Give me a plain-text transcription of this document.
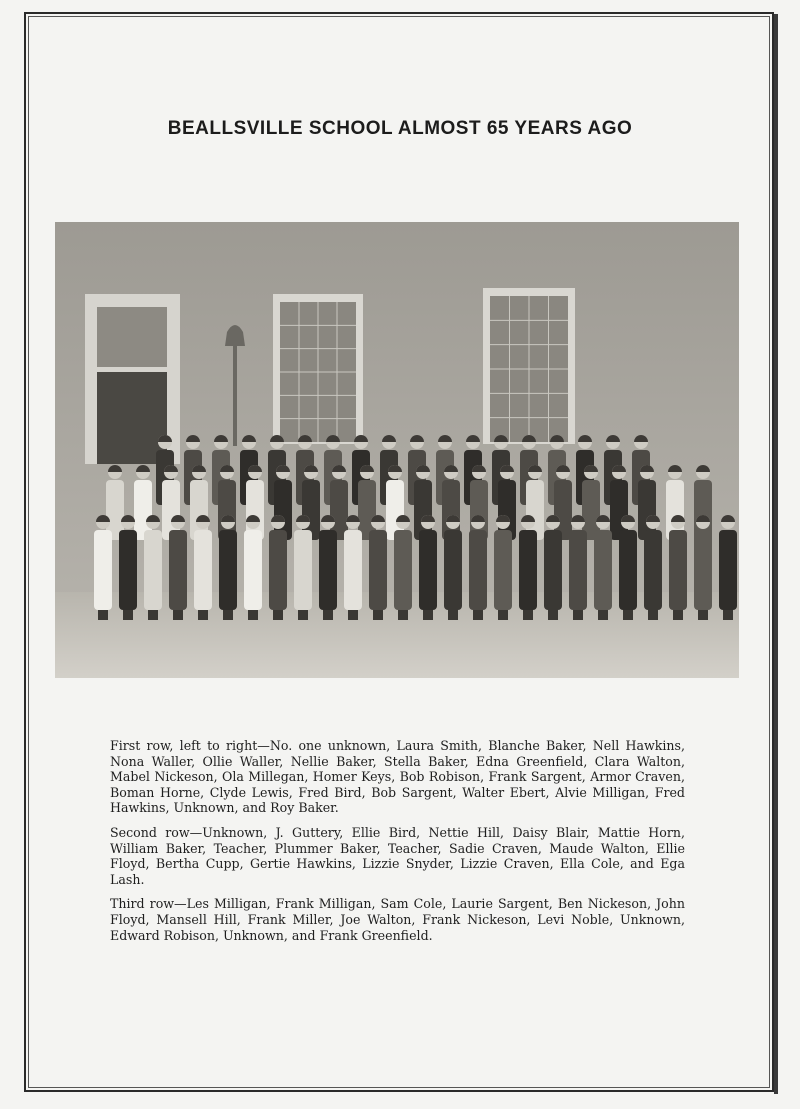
BEALLSVILLE SCHOOL ALMOST 65 YEARS AGO

First row, left to right—No. one unknown, Laura Smith, Blanche Baker, Nell Hawkins, Nona Waller, Ollie Waller, Nellie Baker, Stella Baker, Edna Greenfield, Clara Walton, Mabel Nickeson, Ola Millegan, Homer Keys, Bob Robison, Frank Sargent, Armor Craven, Boman Horne, Clyde Lewis, Fred Bird, Bob Sargent, Walter Ebert, Alvie Milligan, Fred Hawkins, Unknown, and Roy Baker.

Second row—Unknown, J. Guttery, Ellie Bird, Nettie Hill, Daisy Blair, Mattie Horn, William Baker, Teacher, Plummer Baker, Teacher, Sadie Craven, Maude Walton, Ellie Floyd, Bertha Cupp, Gertie Hawkins, Lizzie Snyder, Lizzie Craven, Ella Cole, and Ega Lash.

Third row—Les Milligan, Frank Milligan, Sam Cole, Laurie Sargent, Ben Nickeson, John Floyd, Mansell Hill, Frank Miller, Joe Walton, Frank Nickeson, Levi Noble, Unknown, Edward Robison, Unknown, and Frank Greenfield.
